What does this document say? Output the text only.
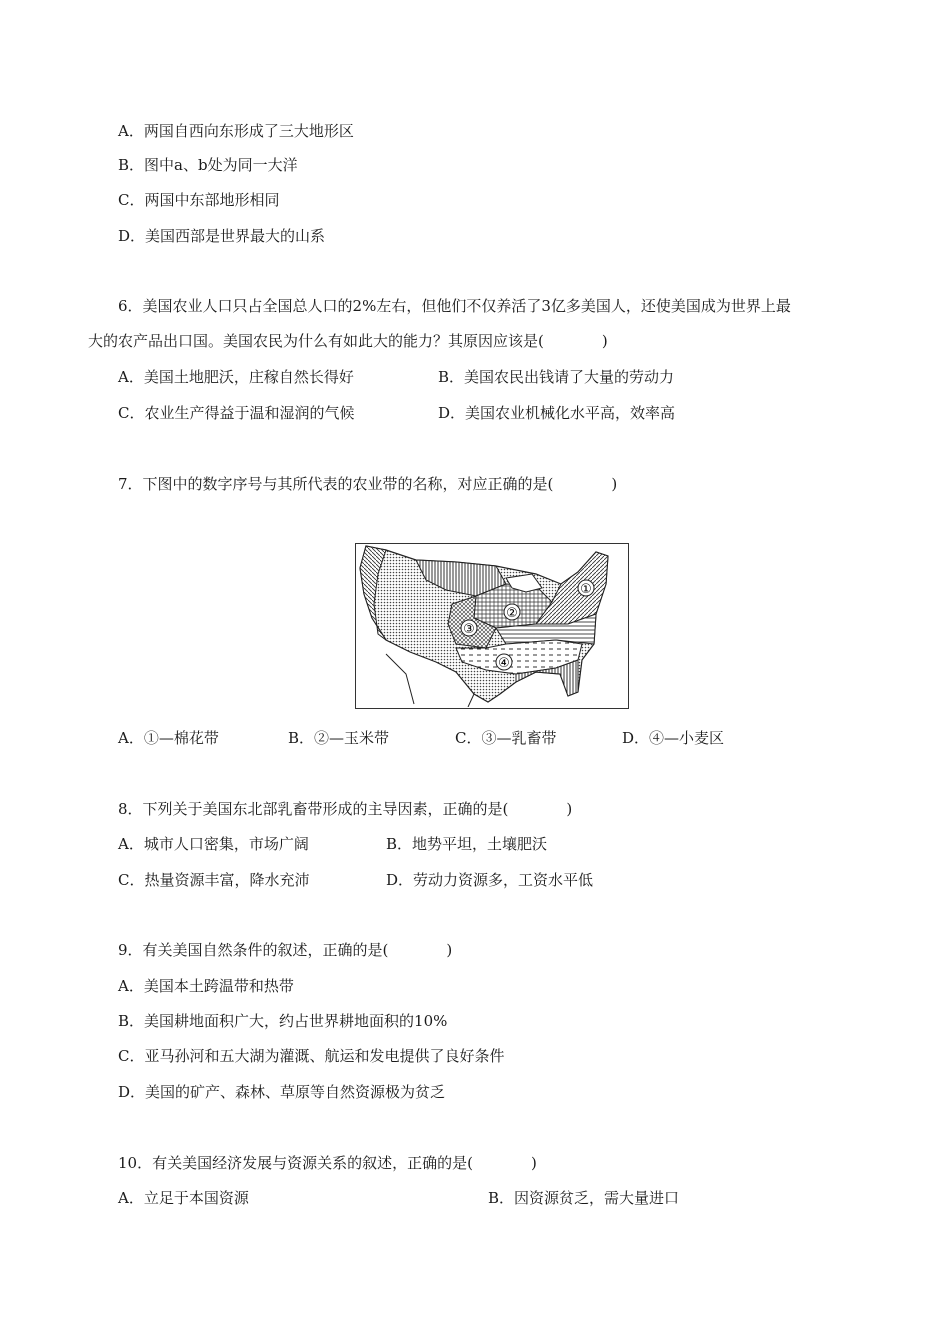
A．两国自西向东形成了三大地形区
B．图中a、b处为同一大洋
C．两国中东部地形相同
D．美国西部是世界最大的山系
6．美国农业人口只占全国总人口的2%左右，但他们不仅养活了3亿多美国人，还使美国成为世界上最
大的农产品出口国。美国农民为什么有如此大的能力？其原因应该是(	)
A．美国土地肥沃，庄稼自然长得好	B．美国农民出钱请了大量的劳动力
C．农业生产得益于温和湿润的气候	D．美国农业机械化水平高，效率高
7．下图中的数字序号与其所代表的农业带的名称，对应正确的是(	)
①
②
③
④
A．①—棉花带	B．②—玉米带	C．③—乳畜带	D．④—小麦区
8．下列关于美国东北部乳畜带形成的主导因素，正确的是(	)
A．城市人口密集，市场广阔	B．地势平坦，土壤肥沃
C．热量资源丰富，降水充沛	D．劳动力资源多，工资水平低
9．有关美国自然条件的叙述，正确的是(	)
A．美国本土跨温带和热带
B．美国耕地面积广大，约占世界耕地面积的10%
C．亚马孙河和五大湖为灌溉、航运和发电提供了良好条件
D．美国的矿产、森林、草原等自然资源极为贫乏
10．有关美国经济发展与资源关系的叙述，正确的是(	)
A．立足于本国资源	B．因资源贫乏，需大量进口
